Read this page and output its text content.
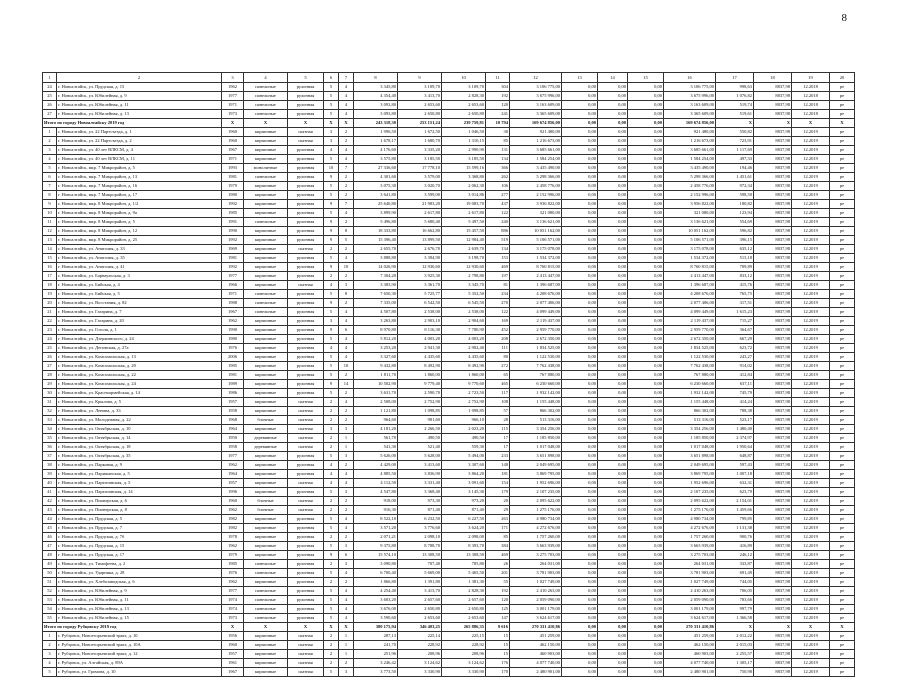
8
1	2	3	4	5	6	7	8	9	10	11	12	13	14	15	16	17	18	19	20
24	г. Новоалтайск, ул. Прудская, д. 15	1962	панельные	рулонная	5	4	3 345,80	3 109,70	3 109,70	304	3 106 775,00	0,00	0,00	0,00	3 106 775,00	998,63	8837,98	12.2018	ре
25	г. Новоалтайск, ул. Юбилейная, д. 9	1977	панельные	рулонная	5	4	4 354,40	3 413,70	2 828,30	192	3 675 996,00	0,00	0,00	0,00	3 675 996,00	1 076,82	8837,98	12.2018	ре
26	г. Новоалтайск, ул. Юбилейная, д. 11	1971	панельные	рулонная	5	4	3 093,80	2 653,60	2 653,60	120	3 163 609,00	0,00	0,00	0,00	3 163 609,00	519,74	8837,98	12.2018	ре
27	г. Новоалтайск, ул. Юбилейная, д. 13	1973	панельные	рулонная	5	4	3 093,80	2 650,80	2 650,80	241	3 365 609,00	0,00	0,00	0,00	3 365 609,00	519,61	8837,98	12.2018	ре
Итого по городу Новоалтайску 2019 год		X	X	X	X	X	243 318,30	253 151,24	239 759,81	10 794	169 674 856,00	0,00	0,00	0,00	169 674 856,00	X	X	X	X
1	г. Новоалтайск, ул. 22 Партсъезда, д. 1	1960	кирпичные	скатная	3	2	1 996,50	1 672,50	1 046,50	30	921 480,00	0,00	0,00	0,00	921 480,00	550,82	8837,98	12.2019	ре
2	г. Новоалтайск, ул. 22 Партсъезда, д. 2	1960	кирпичные	скатная	3	2	1 678,17	1 680,70	1 310,15	85	1 216 673,00	0,00	0,00	0,00	1 216 673,00	723,91	8837,98	12.2019	ре
3	г. Новоалтайск, ул. 40 лет ВЛКСМ, д. 4	1967	кирпичные	рулонная	4	4	4 176,60	3 335,20	2 990,90	131	3 685 661,00	0,00	0,00	0,00	3 685 661,00	1 117,69	8837,98	12.2019	ре
4	г. Новоалтайск, ул. 40 лет ВЛКСМ, д. 11	1971	кирпичные	рулонная	5	4	3 575,80	3 185,50	3 185,50	134	1 584 254,00	0,00	0,00	0,00	1 584 254,00	497,33	8837,98	12.2019	ре
5	г. Новоалтайск, мкр. 7 Микрорайон, д. 5	1993	монолитные	рулонная	10	7	27 336,60	17 778,10	15 599,16	366	3 435 490,00	0,00	0,00	0,00	3 435 490,00	194,46	8837,98	12.2019	ре
6	г. Новоалтайск, мкр. 7 Микрорайон, д. 13	1981	панельные	рулонная	9	2	4 301,60	3 579,00	3 368,80	262	5 298 366,00	0,00	0,00	0,00	5 298 366,00	1 451,61	8837,98	12.2019	ре
7	г. Новоалтайск, мкр. 7 Микрорайон, д. 16	1979	кирпичные	рулонная	5	2	3 075,30	3 020,70	2 062,30	106	2 458 776,00	0,00	0,00	0,00	2 458 776,00	972,34	8837,98	12.2019	ре
8	г. Новоалтайск, мкр. 7 Микрорайон, д. 17	1980	кирпичные	рулонная	5	2	3 641,80	3 599,00	3 014,86	277	2 152 996,00	0,00	0,00	0,00	2 152 996,00	598,50	8837,98	12.2019	ре
9	г. Новоалтайск, мкр. 8 Микрорайон, д. 1/2	1992	кирпичные	рулонная	9	7	25 640,80	21 983,20	19 083,70	437	3 936 822,00	0,00	0,00	0,00	3 956 822,00	180,82	8837,98	12.2019	ре
10	г. Новоалтайск, мкр. 8 Микрорайон, д. 9а	1985	кирпичные	рулонная	5	4	3 899,90	2 617,80	2 617,80	122	321 080,00	0,00	0,00	0,00	321 080,00	123,94	8837,98	12.2019	ре
11	г. Новоалтайск, мкр. 8 Микрорайон, д. 5	1991	панельные	рулонная	9	2	5 496,80	5 680,40	5 497,50	240	3 136 621,00	0,00	0,00	0,00	3 136 621,00	554,69	8837,98	12.2019	ре
12	г. Новоалтайск, мкр. 8 Микрорайон, д. 12	1990	кирпичные	рулонная	9	8	18 333,80	16 662,80	15 457,50	886	10 051 162,00	0,00	0,00	0,00	10 051 162,00	596,82	8837,98	12.2019	ре
13	г. Новоалтайск, мкр. 8 Микрорайон, д. 25	1992	кирпичные	рулонная	9	5	15 396,40	13 899,50	12 984,40	519	5 106 571,00	0,00	0,00	0,00	5 106 571,00	396,15	8837,98	12.2019	ре
14	г. Новоалтайск, ул. Анатолия, д. 33	1969	кирпичные	скатная	2	2	2 655,70	2 676,70	2 639,70	134	3 175 078,00	0,00	0,00	0,00	3 175 078,00	635,12	8837,98	12.2019	ре
15	г. Новоалтайск, ул. Анатолия, д. 35	1981	кирпичные	рулонная	5	4	3 888,80	3 394,90	3 198,70	153	1 534 372,00	0,00	0,00	0,00	1 534 372,00	513,18	8837,98	12.2019	ре
16	г. Новоалтайск, ул. Анатолия, д. 41	1992	кирпичные	рулонная	9	10	14 026,90	12 930,60	12 930,60	469	8 760 815,00	0,00	0,00	0,00	8 760 815,00	709,89	8837,98	12.2019	ре
17	г. Новоалтайск, ул. Барнаульская, д. 3	1977	кирпичные	рулонная	2	2	7 304,20	3 925,30	2 798,80	197	2 413 447,00	0,00	0,00	0,00	2 413 447,00	833,12	8837,98	12.2019	ре
18	г. Новоалтайск, ул. Бийская, д. 4	1966	кирпичные	скатная	4	3	3 383,90	3 361,70	3 345,70	81	1 396 687,00	0,00	0,00	0,00	1 396 687,00	415,76	8837,98	12.2019	ре
19	г. Новоалтайск, ул. Бийская, д. 5	1971	панельные	рулонная	5	8	7 650,30	5 725,77	5 352,50	234	4 208 676,00	0,00	0,00	0,00	4 208 676,00	765,75	8837,98	12.2019	ре
20	г. Новоалтайск, ул. Восстания, д. 82	1988	панельные	рулонная	9	2	7 335,00	6 542,50	6 545,50	270	2 077 406,00	0,00	0,00	0,00	2 077 406,00	317,51	8837,98	12.2019	ре
21	г. Новоалтайск, ул. Гагарина, д. 7	1967	панельные	рулонная	5	4	4 507,80	2 538,00	2 538,00	122	4 099 449,00	0,00	0,00	0,00	4 099 449,00	1 615,23	8837,98	12.2019	ре
22	г. Новоалтайск, ул. Гагарина, д. 20	1962	кирпичные	рулонная	3	4	3 263,80	2 903,10	2 904,60	169	2 119 437,00	0,00	0,00	0,00	2 119 437,00	715,27	8837,98	12.2019	ре
23	г. Новоалтайск, ул. Гоголя, д. 1	1990	кирпичные	рулонная	9	6	8 970,80	8 116,30	7 780,90	452	2 959 770,00	0,00	0,00	0,00	2 959 770,00	364,67	8837,98	12.2019	ре
24	г. Новоалтайск, ул. Дзержинского, д. 24	1980	кирпичные	рулонная	5	4	5 812,20	4 003,20	4 003,20	208	2 672 350,00	0,00	0,00	0,00	2 672 350,00	667,29	8837,98	12.2019	ре
25	г. Новоалтайск, ул. Деповская, д. 27а	1976	кирпичные	рулонная	4	4	3 253,20	2 941,30	2 902,40	111	1 834 525,00	0,00	0,00	0,00	1 834 525,00	623,72	8837,98	12.2019	ре
26	г. Новоалтайск, ул. Комсомольская, д. 13	2006	кирпичные	рулонная	5	4	3 327,60	4 435,60	4 435,60	80	1 122 530,00	0,00	0,00	0,00	1 122 530,00	243,27	8837,98	12.2019	ре
27	г. Новоалтайск, ул. Комсомольская, д. 20	1985	кирпичные	рулонная	5	10	9 432,80	8 492,90	8 492,90	272	7 762 438,00	0,00	0,00	0,00	7 762 438,00	914,02	8837,98	12.2019	ре
28	г. Новоалтайск, ул. Комсомольская, д. 22	1981	кирпичные	рулонная	5	2	1 811,70	1 860,00	1 860,00	65	767 880,00	0,00	0,00	0,00	767 880,00	412,84	8837,98	12.2019	ре
29	г. Новоалтайск, ул. Комсомольская, д. 24	1989	кирпичные	рулонная	9	14	10 502,90	9 779,40	9 770,60	465	6 230 660,00	0,00	0,00	0,00	6 230 660,00	637,11	8837,98	12.2019	ре
30	г. Новоалтайск, ул. Красноармейская, д. 14	1986	кирпичные	рулонная	5	2	3 631,70	2 590,70	2 723,50	117	1 932 142,00	0,00	0,00	0,00	1 932 142,00	745,79	8837,98	12.2019	ре
31	г. Новоалтайск, ул. Крылова, д. 5	1957	кирпичные	скатная	2	4	2 508,00	2 752,90	2 752,90	108	1 155 448,00	0,00	0,00	0,00	1 155 448,00	414,24	8837,98	12.2019	ре
32	г. Новоалтайск, ул. Ленина, д. 33	1958	кирпичные	скатная	2	2	1 121,80	1 098,85	1 098,85	57	866 302,00	0,00	0,00	0,00	866 302,00	788,38	8837,98	12.2019	ре
33	г. Новоалтайск, ул. Молодежная, д. 22	1968	блочные	скатная	2	2	964,60	981,60	966,10	28	513 316,00	0,00	0,00	0,00	513 316,00	523,17	8837,98	12.2019	ре
34	г. Новоалтайск, ул. Октябрьская, д. 10	1964	кирпичные	скатная	3	3	4 181,20	2 266,50	2 023,20	115	3 354 256,00	0,00	0,00	0,00	3 354 256,00	1 480,40	8837,98	12.2019	ре
35	г. Новоалтайск, ул. Октябрьская, д. 14	1950	деревянные	скатная	2	1	561,70	490,50	490,50	17	1 185 850,00	0,00	0,00	0,00	1 185 850,00	2 374,97	8837,98	12.2019	ре
36	г. Новоалтайск, ул. Октябрьская, д. 18	1958	деревянные	скатная	2	1	541,30	521,40	559,30	17	1 017 048,00	0,00	0,00	0,00	1 017 048,00	1 950,64	8837,98	12.2019	ре
37	г. Новоалтайск, ул. Октябрьская, д. 35	1977	кирпичные	рулонная	5	3	5 626,00	5 628,00	5 494,00	233	3 651 898,00	0,00	0,00	0,00	3 651 898,00	648,87	8837,98	12.2019	ре
38	г. Новоалтайск, ул. Парковая, д. 9	1962	кирпичные	рулонная	4	2	4 429,00	3 413,60	3 307,60	148	2 049 695,00	0,00	0,00	0,00	2 049 695,00	597,43	8837,98	12.2019	ре
39	г. Новоалтайск, ул. Парижанская, д. 5	1964	кирпичные	рулонная	4	4	4 885,50	3 836,90	3 864,20	181	3 869 795,00	0,00	0,00	0,00	3 869 795,00	1 007,18	8837,98	12.2019	ре
40	г. Новоалтайск, ул. Партизанская, д. 5	1957	кирпичные	скатная	4	4	4 112,50	3 331,40	3 091,60	154	1 952 696,00	0,00	0,00	0,00	1 952 696,00	632,31	8837,98	12.2019	ре
41	г. Новоалтайск, ул. Партизанская, д. 14	1996	кирпичные	рулонная	5	3	4 547,80	3 368,40	3 145,30	179	2 107 235,00	0,00	0,00	0,00	2 107 235,00	623,79	8837,98	12.2019	ре
42	г. Новоалтайск, ул. Пионерская, д. 6	1960	блочные	скатная	2	2	918,00	973,30	973,20	20	2 095 622,00	0,00	0,00	0,00	2 095 622,00	2 154,01	8837,98	12.2019	ре
43	г. Новоалтайск, ул. Пионерская, д. 8	1962	блочные	скатная	2	2	916,30	871,40	871,40	29	1 275 176,00	0,00	0,00	0,00	1 275 176,00	1 459,66	8837,98	12.2019	ре
44	г. Новоалтайск, ул. Прудская, д. 5	1982	кирпичные	рулонная	5	4	8 522,10	6 232,50	6 227,50	263	4 980 734,00	0,00	0,00	0,00	4 980 734,00	799,85	8837,98	12.2019	ре
45	г. Новоалтайск, ул. Прудская, д. 7	1982	кирпичные	рулонная	5	4	3 571,20	3 776,60	3 624,20	171	4 272 676,00	0,00	0,00	0,00	4 272 676,00	1 131,38	8837,98	12.2019	ре
46	г. Новоалтайск, ул. Прудская, д. 7б	1978	кирпичные	рулонная	2	2	2 071,21	2 098,10	2 098,00	85	1 757 260,00	0,00	0,00	0,00	1 757 260,00	900,76	8837,98	12.2019	ре
47	г. Новоалтайск, ул. Прудская, д. 15	1962	кирпичные	рулонная	5	3	9 375,80	8 788,70	8 393,70	384	3 663 939,00	0,00	0,00	0,00	3 663 939,00	416,89	8837,98	12.2019	ре
48	г. Новоалтайск, ул. Прудская, д. 17	1979	кирпичные	рулонная	9	6	15 574,10	13 308,50	13 308,50	469	3 275 703,00	0,00	0,00	0,00	3 275 703,00	246,12	8837,98	12.2019	ре
49	г. Новоалтайск, ул. Тимофеева, д. 2	1985	панельные	рулонная	2	3	3 090,80	707,40	785,80	26	264 031,00	0,00	0,00	0,00	264 031,00	333,87	8837,98	12.2019	ре
50	г. Новоалтайск, ул. Ударника, д. 28	1976	панельные	рулонная	5	4	6 700,40	5 669,00	5 465,50	201	3 781 903,00	0,00	0,00	0,00	3 781 903,00	691,49	8837,98	12.2019	ре
51	г. Новоалтайск, ул. Хлебозаводская, д. 6	1962	кирпичные	рулонная	2	2	1 866,80	1 391,80	1 381,30	55	1 027 749,00	0,00	0,00	0,00	1 027 749,00	744,05	8837,98	12.2019	ре
52	г. Новоалтайск, ул. Юбилейная, д. 9	1977	панельные	рулонная	5	4	4 254,40	3 413,70	2 828,30	192	2 410 263,00	0,00	0,00	0,00	2 410 263,00	706,05	8837,98	12.2019	ре
53	г. Новоалтайск, ул. Юбилейная, д. 11	1974	панельные	рулонная	5	4	3 603,20	2 657,60	2 657,60	120	2 059 090,00	0,00	0,00	0,00	2 059 090,00	783,66	8837,98	12.2019	ре
54	г. Новоалтайск, ул. Юбилейная, д. 13	1974	панельные	рулонная	5	4	3 676,00	2 650,80	2 650,80	125	3 001 179,00	0,00	0,00	0,00	3 001 179,00	997,79	8837,98	12.2019	ре
55	г. Новоалтайск, ул. Юбилейная, д. 15	1973	панельные	рулонная	5	4	3 590,60	2 653,60	2 653,60	147	3 624 617,00	0,00	0,00	0,00	3 624 617,00	1 366,58	8837,98	12.2019	ре
Итого по городу Рубцовску 2019 год		X	X	X	X	X	380 175,94	346 403,25	265 886,35	9 616	270 331 410,86	0,00	0,00	0,00	270 331 410,86	X	X	X	X
1	г. Рубцовск, Новоегорьевский тракт, д. 10	1956	кирпичные	скатная	2	1	287,13	225,14	225,15	15	451 259,00	0,00	0,00	0,00	451 259,00	2 012,22	8837,98	12.2019	ре
2	г. Рубцовск, Новоегорьевский тракт, д. 10А	1960	кирпичные	скатная	2	1	241,70	228,92	228,92	15	462 150,00	0,00	0,00	0,00	462 150,00	2 015,03	8837,98	12.2019	ре
3	г. Рубцовск, Новоегорьевский тракт, д. 12	1957	кирпичные	скатная	2	1	251,96	208,96	208,96	15	460 903,00	0,00	0,00	0,00	460 903,00	2 255,57	8837,98	12.2019	ре
4	г. Рубцовск, ул. Алтайская, д. 89А	1961	кирпичные	скатная	2	2	3 246,42	3 124,62	3 124,62	176	4 077 740,00	0,00	0,00	0,00	4 077 740,00	1 305,17	8837,98	12.2019	ре
5	г. Рубцовск, ул. Громова, д. 10	1967	кирпичные	скатная	5	3	3 773,50	3 330,90	3 330,90	170	2 480 901,00	0,00	0,00	0,00	2 480 901,00	750,98	8837,98	12.2019	ре
